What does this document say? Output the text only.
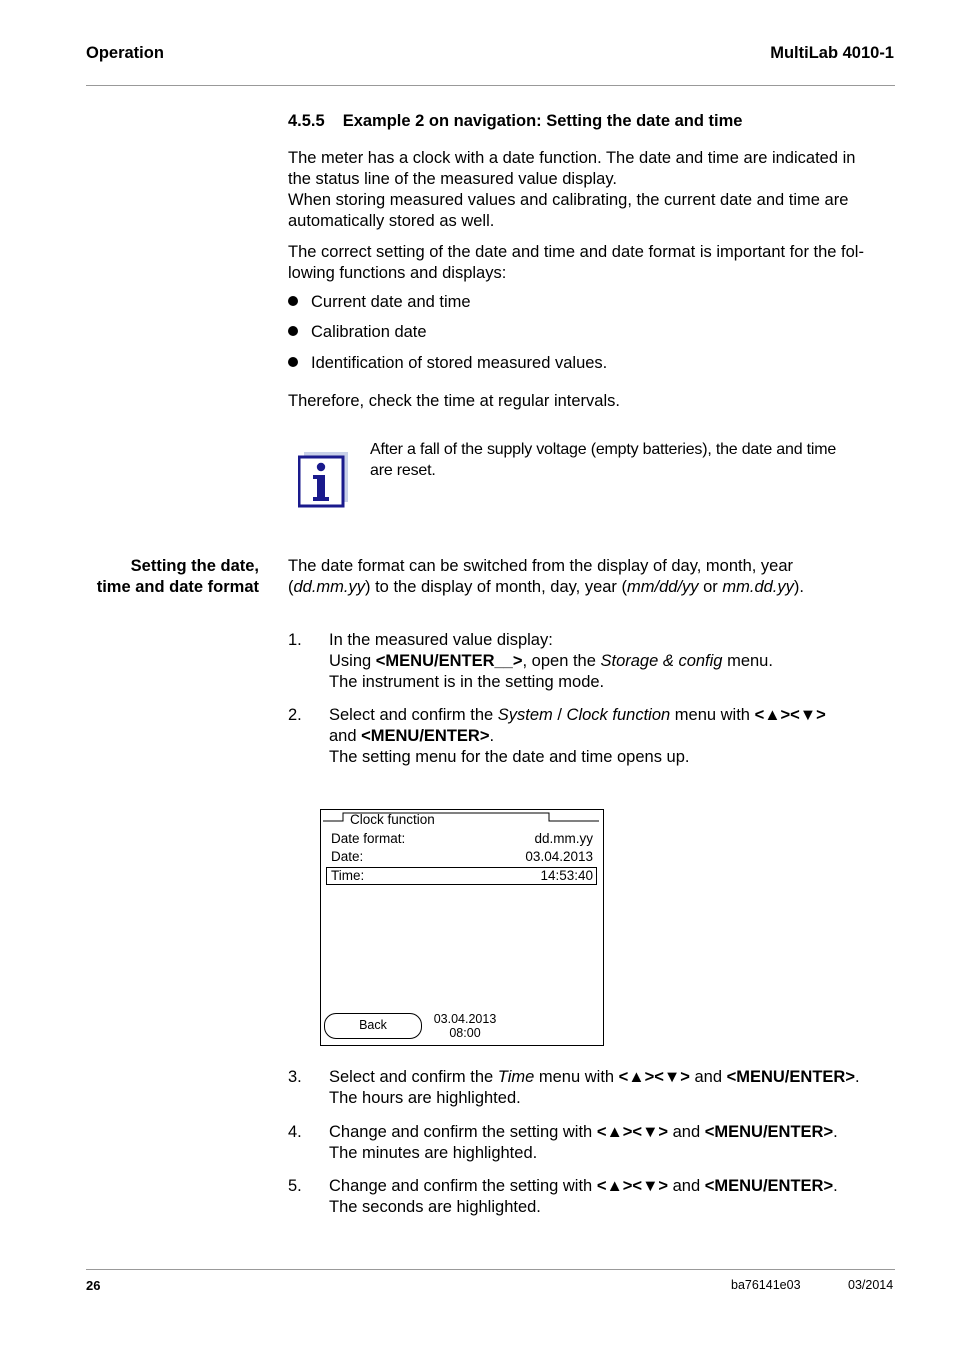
Operation	MultiLab 4010-1
4.5.5 Example 2 on navigation: Setting the date and time
The meter has a clock with a date function. The date and time are indicated in
the status line of the measured value display.
When storing measured values and calibrating, the current date and time are
automatically stored as well.
The correct setting of the date and time and date format is important for the fol-
lowing functions and displays:
Current date and time
Calibration date
Identification of stored measured values.
Therefore, check the time at regular intervals.
After a fall of the supply voltage (empty batteries), the date and time
are reset.
Setting the date,
time and date format
The date format can be switched from the display of day, month, year
(dd.mm.yy) to the display of month, day, year (mm/dd/yy or mm.dd.yy).
1. In the measured value display:
Using <MENU/ENTER__>, open the Storage & config menu.
The instrument is in the setting mode.
2. Select and confirm the System / Clock function menu with <▲><▼>
and <MENU/ENTER>.
The setting menu for the date and time opens up.
Clock function
Date format:	dd.mm.yy
Date:	03.04.2013
Time:	14:53:40
Back	03.04.2013
08:00
3. Select and confirm the Time menu with <▲><▼> and <MENU/ENTER>.
The hours are highlighted.
4. Change and confirm the setting with <▲><▼> and <MENU/ENTER>.
The minutes are highlighted.
5. Change and confirm the setting with <▲><▼> and <MENU/ENTER>.
The seconds are highlighted.
26	ba76141e03	03/2014
